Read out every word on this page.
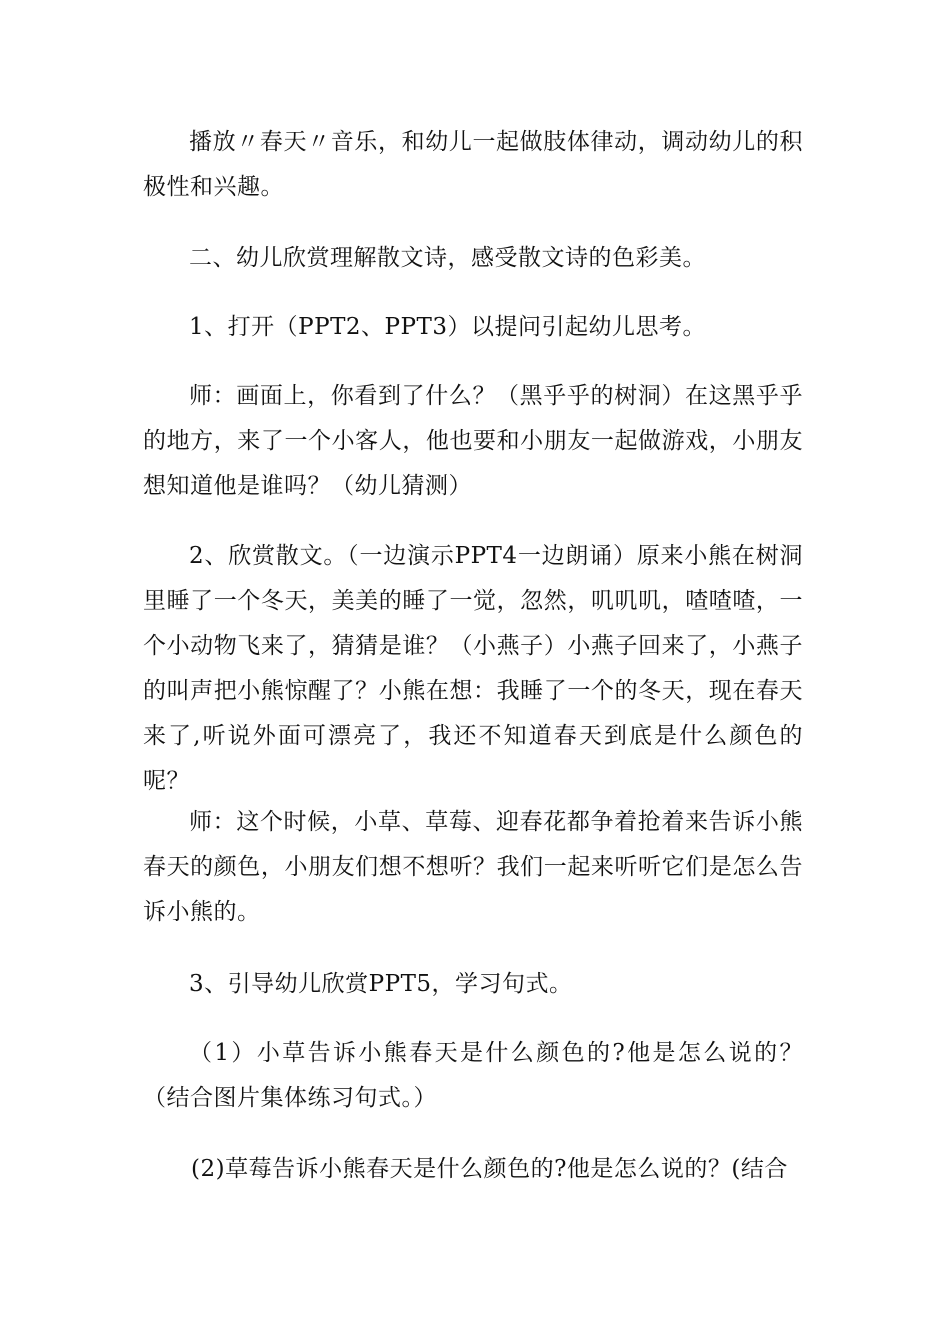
播放〃春天〃音乐，和幼儿一起做肢体律动，调动幼儿的积极性和兴趣。

二、幼儿欣赏理解散文诗，感受散文诗的色彩美。

1、打开（PPT2、PPT3）以提问引起幼儿思考。

师：画面上，你看到了什么？（黑乎乎的树洞）在这黑乎乎的地方，来了一个小客人，他也要和小朋友一起做游戏，小朋友想知道他是谁吗？（幼儿猜测）

2、欣赏散文。（一边演示PPT4一边朗诵）原来小熊在树洞里睡了一个冬天，美美的睡了一觉，忽然，叽叽叽，喳喳喳，一个小动物飞来了，猜猜是谁？（小燕子）小燕子回来了，小燕子的叫声把小熊惊醒了？小熊在想：我睡了一个的冬天，现在春天来了,听说外面可漂亮了，我还不知道春天到底是什么颜色的呢？

师：这个时候，小草、草莓、迎春花都争着抢着来告诉小熊春天的颜色，小朋友们想不想听？我们一起来听听它们是怎么告诉小熊的。

3、引导幼儿欣赏PPT5，学习句式。

（1）小草告诉小熊春天是什么颜色的?他是怎么说的？（结合图片集体练习句式。）

(2)草莓告诉小熊春天是什么颜色的?他是怎么说的？(结合
